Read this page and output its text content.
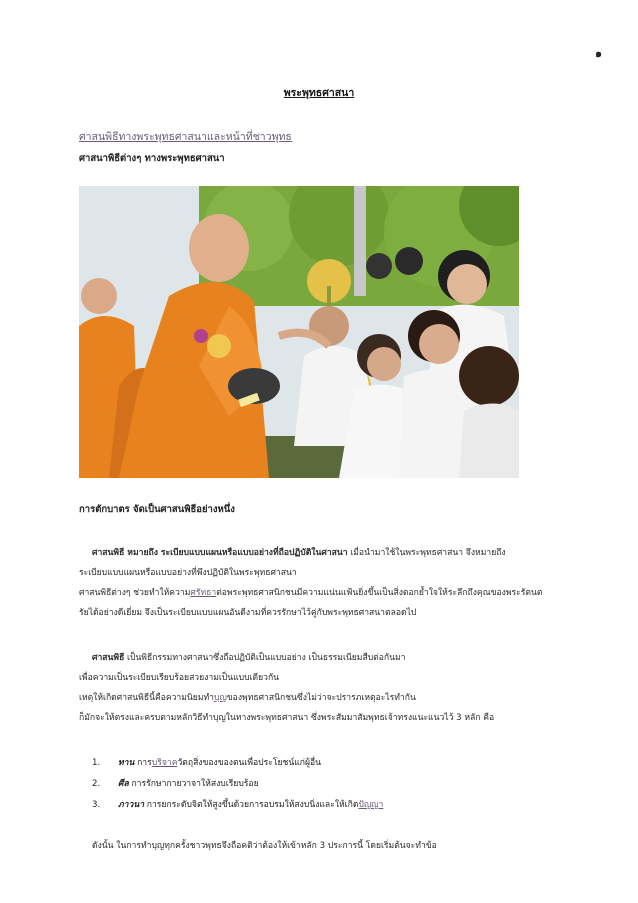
๑
พระพุทธศาสนา
ศาสนพิธีทางพระพุทธศาสนาและหน้าที่ชาวพุทธ
ศาสนาพิธีต่างๆ ทางพระพุทธศาสนา
การตักบาตร จัดเป็นศาสนพิธีอย่างหนึ่ง
ศาสนพิธี หมายถึง ระเบียบแบบแผนหรือแบบอย่างที่ถือปฏิบัติในศาสนา เมื่อนำมาใช้ในพระพุทธศาสนา จึงหมายถึง
ระเบียบแบบแผนหรือแบบอย่างที่พึงปฏิบัติในพระพุทธศาสนา
ศาสนพิธีต่างๆ ช่วยทำให้ความศรัทธาต่อพระพุทธศาสนิกชนมีความแน่นแฟ้นยิ่งขึ้นเป็นสิ่งตอกย้ำใจให้ระลึกถึงคุณของพระรัตนต
รัยได้อย่างดีเยี่ยม จึงเป็นระเบียบแบบแผนอันดีงามที่ควรรักษาไว้คู่กับพระพุทธศาสนาตลอดไป
ศาสนพิธี เป็นพิธีกรรมทางศาสนาซึ่งถือปฏิบัติเป็นแบบอย่าง เป็นธรรมเนียมสืบต่อกันมา
เพื่อความเป็นระเบียบเรียบร้อยสวยงามเป็นแบบเดียวกัน
เหตุให้เกิดศาสนพิธีนี้คือความนิยมทำบุญของพุทธศาสนิกชนซึ่งไม่ว่าจะปรารภเหตุอะไรทำกัน
ก็มักจะให้ตรงและครบตามหลักวิธีทำบุญในทางพระพุทธศาสนา ซึ่งพระสัมมาสัมพุทธเจ้าทรงแนะแนวไว้ 3 หลัก คือ
1. ทาน การบริจาควัตถุสิ่งของของตนเพื่อประโยชน์แก่ผู้อื่น
2. ศีล การรักษากายวาจาให้สงบเรียบร้อย
3. ภาวนา การยกระดับจิตให้สูงขึ้นด้วยการอบรมให้สงบนิ่งและให้เกิดปัญญา
ดังนั้น ในการทำบุญทุกครั้งชาวพุทธจึงถือคติว่าต้องให้เข้าหลัก 3 ประการนี้ โดยเริ่มต้นจะทำข้อ
